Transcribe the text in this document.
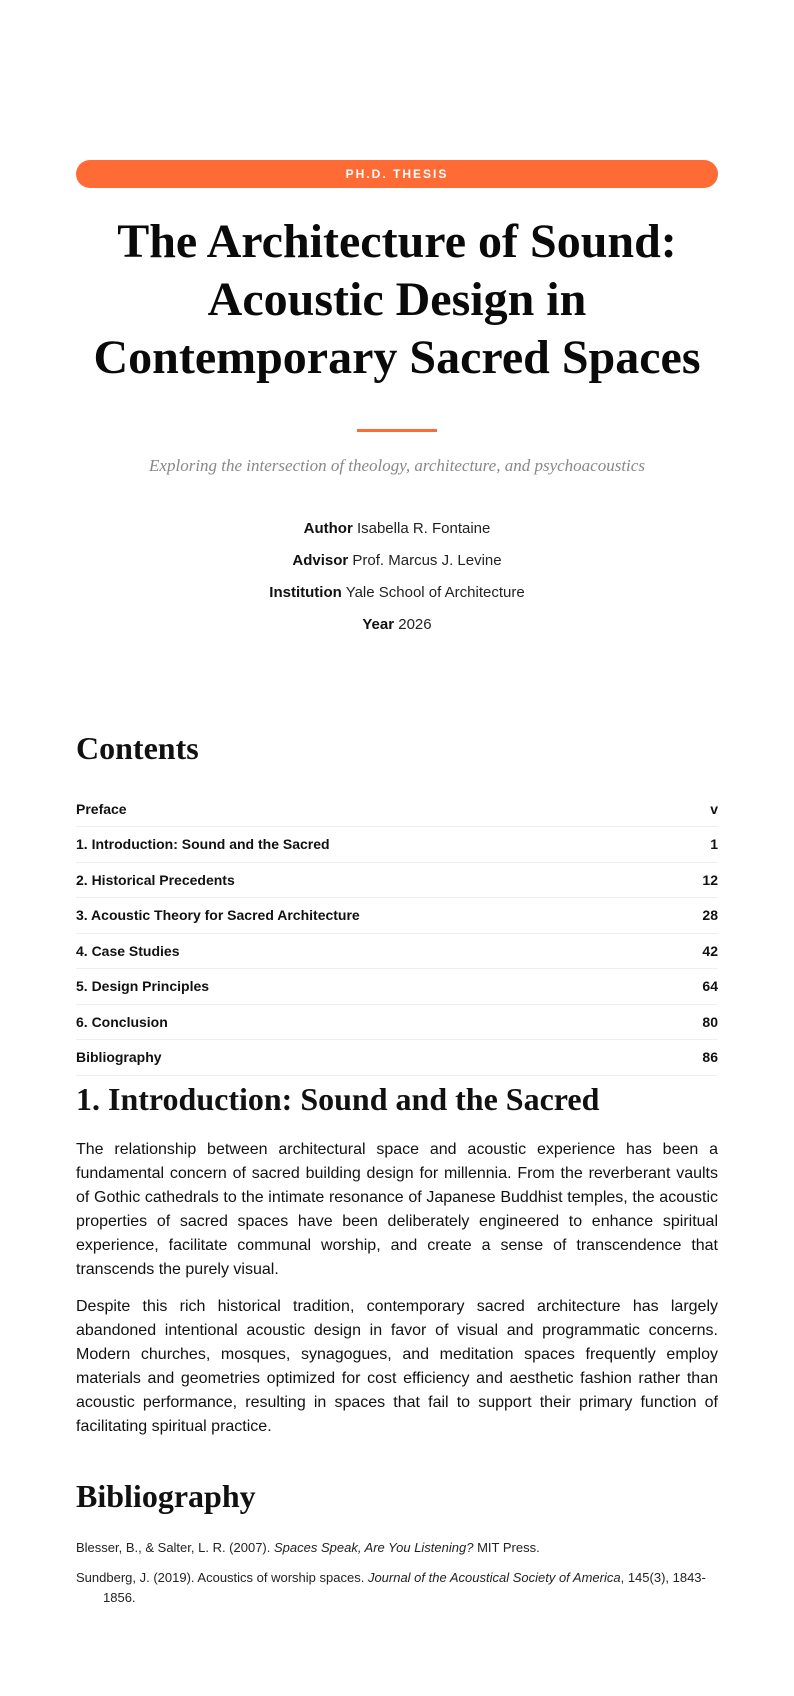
PH.D. THESIS
The Architecture of Sound: Acoustic Design in Contemporary Sacred Spaces

Exploring the intersection of theology, architecture, and psychoacoustics

Author Isabella R. Fontaine
Advisor Prof. Marcus J. Levine
Institution Yale School of Architecture
Year 2026
Contents
Preface	v
1. Introduction: Sound and the Sacred	1
2. Historical Precedents	12
3. Acoustic Theory for Sacred Architecture	28
4. Case Studies	42
5. Design Principles	64
6. Conclusion	80
Bibliography	86
1. Introduction: Sound and the Sacred

The relationship between architectural space and acoustic experience has been a fundamental concern of sacred building design for millennia. From the reverberant vaults of Gothic cathedrals to the intimate resonance of Japanese Buddhist temples, the acoustic properties of sacred spaces have been deliberately engineered to enhance spiritual experience, facilitate communal worship, and create a sense of transcendence that transcends the purely visual.

Despite this rich historical tradition, contemporary sacred architecture has largely abandoned intentional acoustic design in favor of visual and programmatic concerns. Modern churches, mosques, synagogues, and meditation spaces frequently employ materials and geometries optimized for cost efficiency and aesthetic fashion rather than acoustic performance, resulting in spaces that fail to support their primary function of facilitating spiritual practice.

Bibliography
Blesser, B., & Salter, L. R. (2007). Spaces Speak, Are You Listening? MIT Press.
Sundberg, J. (2019). Acoustics of worship spaces. Journal of the Acoustical Society of America, 145(3), 1843-1856.
